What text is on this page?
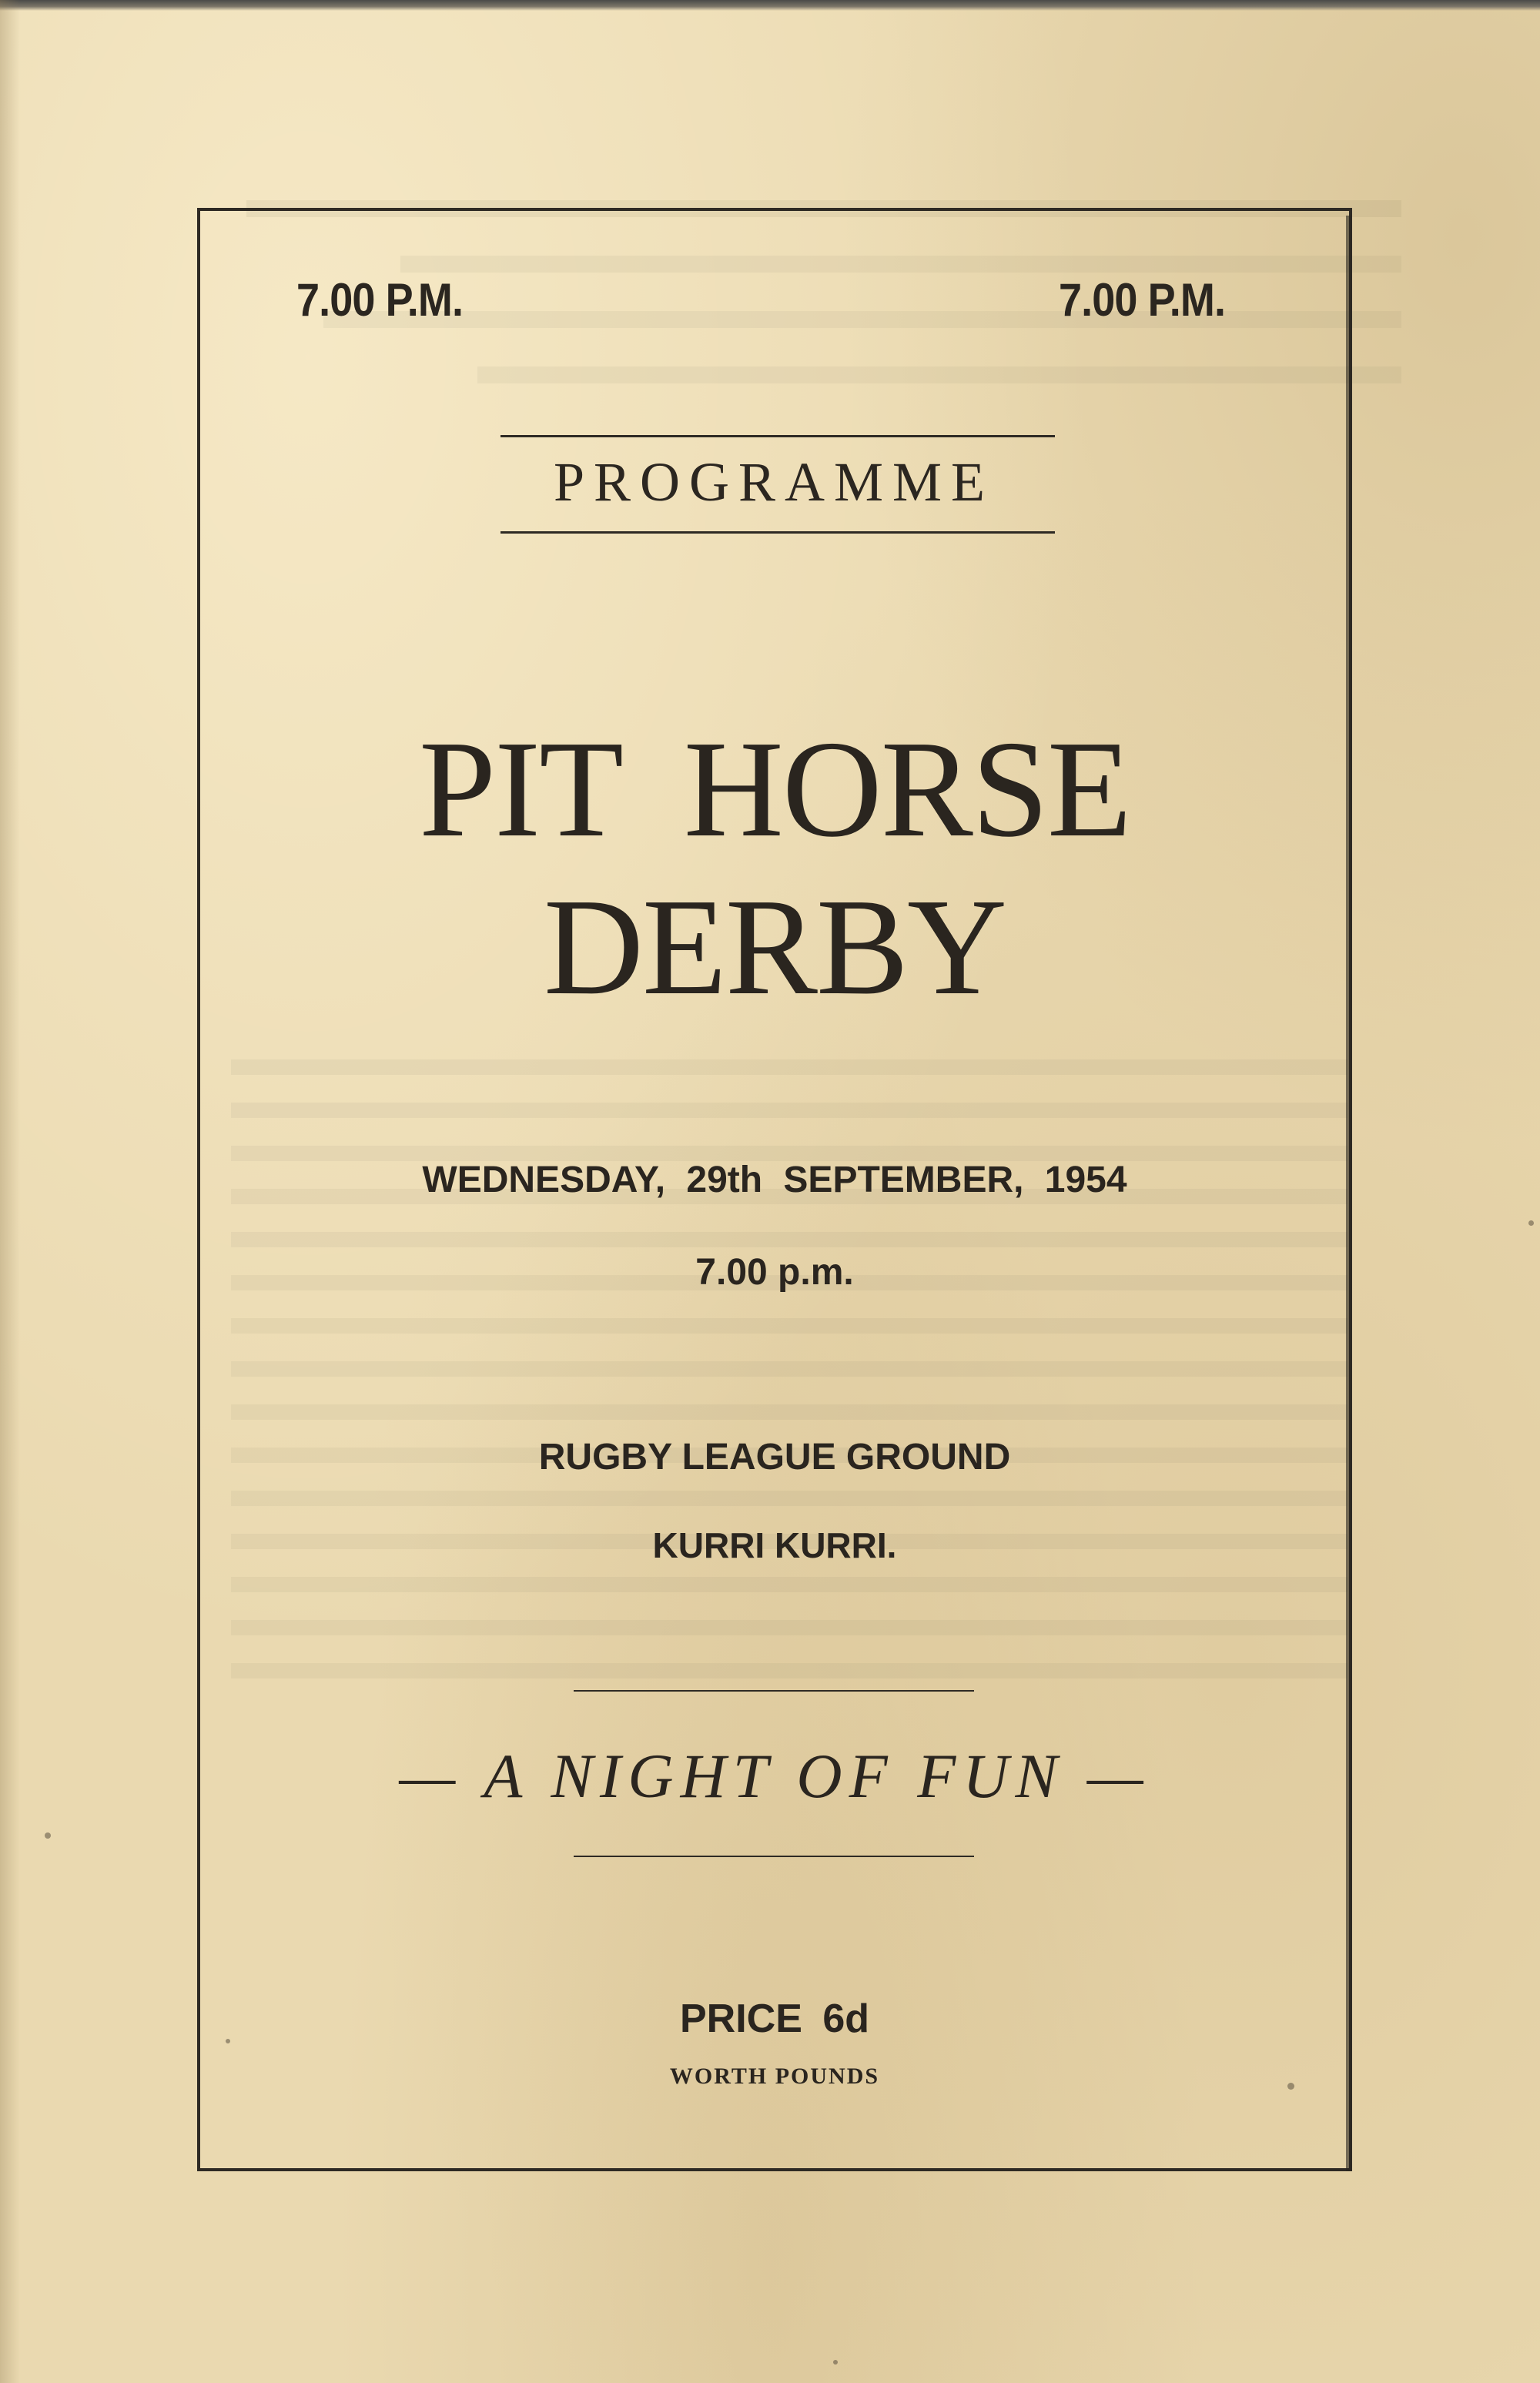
7.00 P.M.	7.00 P.M.
PROGRAMME
PIT HORSE
DERBY
WEDNESDAY, 29th SEPTEMBER, 1954
7.00 p.m.
RUGBY LEAGUE GROUND
KURRI KURRI.
— A NIGHT OF FUN —
PRICE 6d
WORTH POUNDS
